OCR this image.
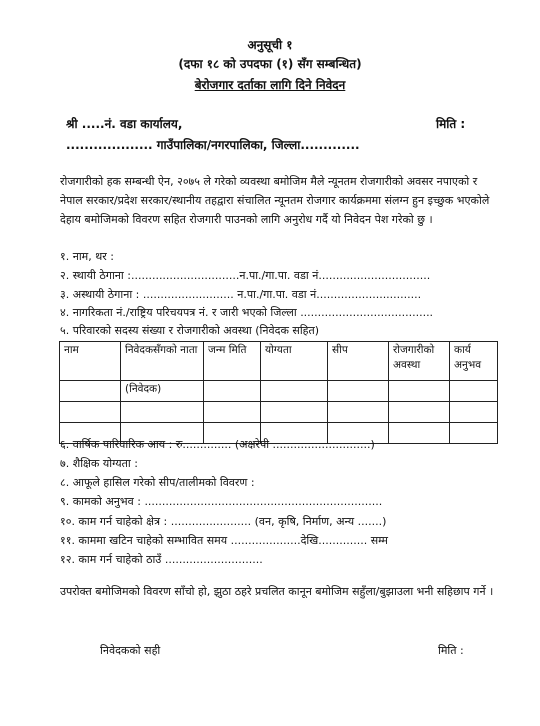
अनुसूची १
(दफा १८ को उपदफा (१) सँग सम्बन्धित)
बेरोजगार दर्ताका लागि दिने निवेदन
श्री .....नं. वडा कार्यालय,	मिति :
................... गाउँपालिका/नगरपालिका, जिल्ला.............
रोजगारीको हक सम्बन्धी ऐन, २०७५ ले गरेको व्यवस्था बमोजिम मैले न्यूनतम रोजगारीको अवसर नपाएको र नेपाल सरकार/प्रदेश सरकार/स्थानीय तहद्वारा संचालित न्यूनतम रोजगार कार्यक्रममा संलग्न हुन इच्छुक भएकोले देहाय बमोजिमको विवरण सहित रोजगारी पाउनको लागि अनुरोध गर्दै यो निवेदन पेश गरेको छु ।
१. नाम, थर :
२. स्थायी ठेगाना :...............................न.पा./गा.पा. वडा नं................................
३. अस्थायी ठेगाना : .......................... न.पा./गा.पा. वडा नं..............................
४. नागरिकता नं./राष्ट्रिय परिचयपत्र नं. र जारी भएको जिल्ला ......................................
५. परिवारको सदस्य संख्या र रोजगारीको अवस्था (निवेदक सहित)
नाम	निवेदकसँगको नाता	जन्म मिति	योग्यता	सीप	रोजगारीको अवस्था	कार्य अनुभव
	(निवेदक)					

६. वार्षिक पारिवारिक आय : रु.............. (अक्षरेपी ............................)
७. शैक्षिक योग्यता :
८. आफूले हासिल गरेको सीप/तालीमको विवरण :
९. कामको अनुभव : ....................................................................
१०. काम गर्न चाहेको क्षेत्र : ....................... (वन, कृषि, निर्माण, अन्य .......)
११. काममा खटिन चाहेको सम्भावित समय ....................देखि.............. सम्म
१२. काम गर्न चाहेको ठाउँ ............................
उपरोक्त बमोजिमको विवरण साँचो हो, झुठा ठहरे प्रचलित कानून बमोजिम सहुँला/बुझाउला भनी सहिछाप गर्ने ।
निवेदकको सही	मिति :
